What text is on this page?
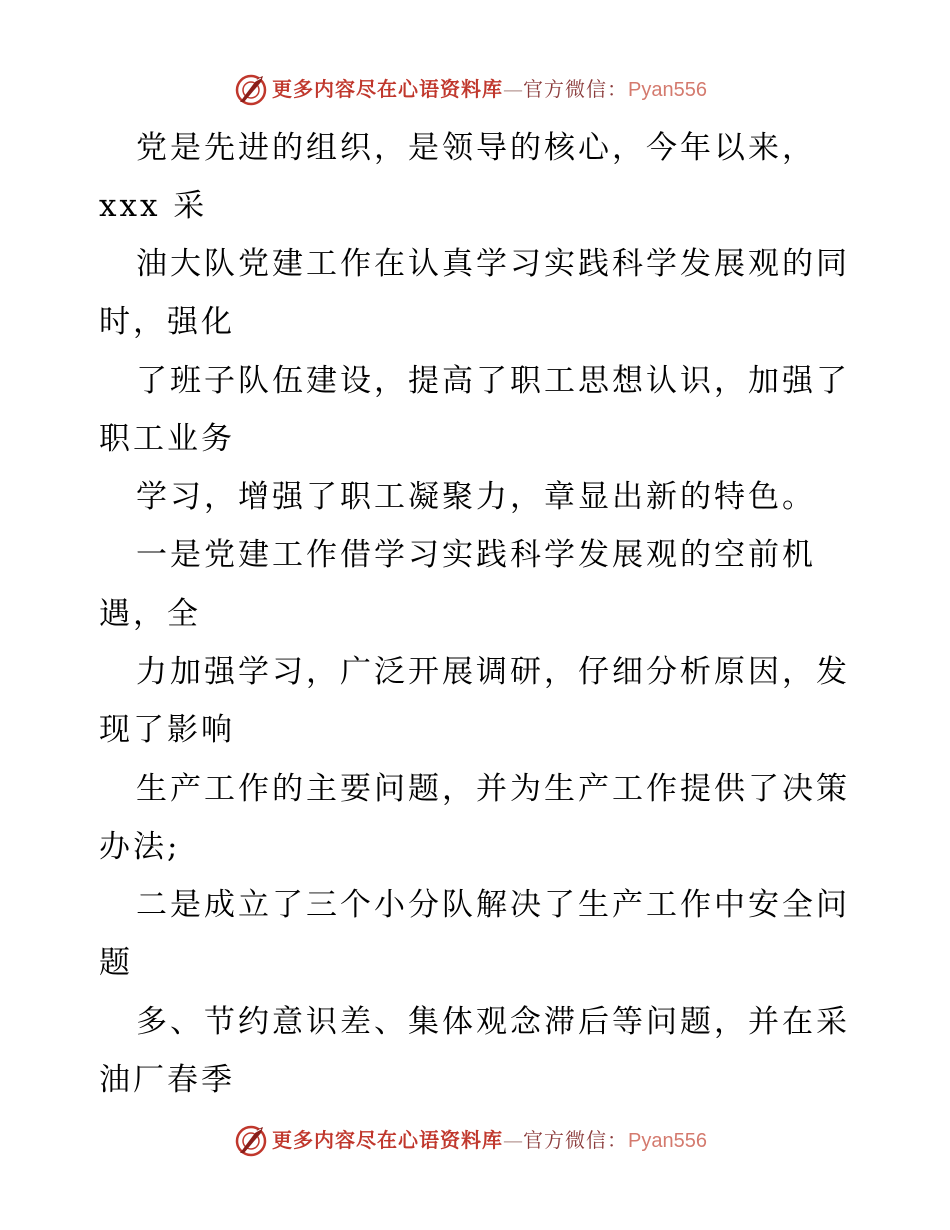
更多内容尽在心语资料库—官方微信：Pyan556
党是先进的组织，是领导的核心，今年以来，
xxx 采
油大队党建工作在认真学习实践科学发展观的同
时，强化
了班子队伍建设，提高了职工思想认识，加强了
职工业务
学习，增强了职工凝聚力，章显出新的特色。
一是党建工作借学习实践科学发展观的空前机
遇，全
力加强学习，广泛开展调研，仔细分析原因，发
现了影响
生产工作的主要问题，并为生产工作提供了决策
办法;
二是成立了三个小分队解决了生产工作中安全问
题
多、节约意识差、集体观念滞后等问题，并在采
油厂春季
更多内容尽在心语资料库—官方微信：Pyan556
